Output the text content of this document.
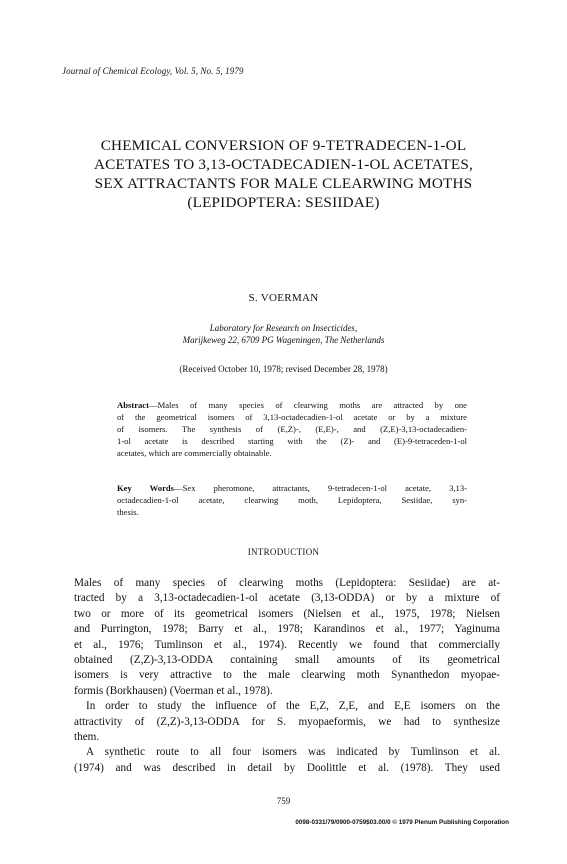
Journal of Chemical Ecology, Vol. 5, No. 5, 1979
CHEMICAL CONVERSION OF 9-TETRADECEN-1-OL
ACETATES TO 3,13-OCTADECADIEN-1-OL ACETATES,
SEX ATTRACTANTS FOR MALE CLEARWING MOTHS
(LEPIDOPTERA: SESIIDAE)
S. VOERMAN
Laboratory for Research on Insecticides,
Marijkeweg 22, 6709 PG Wageningen, The Netherlands
(Received October 10, 1978; revised December 28, 1978)
Abstract—Males of many species of clearwing moths are attracted by one
of the geometrical isomers of 3,13-octadecadien-1-ol acetate or by a mixture
of isomers. The synthesis of (E,Z)-, (E,E)-, and (Z,E)-3,13-octadecadien-
1-ol acetate is described starting with the (Z)- and (E)-9-tetraceden-1-ol
acetates, which are commercially obtainable.
Key Words—Sex pheromone, attractants, 9-tetradecen-1-ol acetate, 3,13-
octadecadien-1-ol acetate, clearwing moth, Lepidoptera, Sesiidae, syn-
thesis.
INTRODUCTION
Males of many species of clearwing moths (Lepidoptera: Sesiidae) are at-
tracted by a 3,13-octadecadien-1-ol acetate (3,13-ODDA) or by a mixture of
two or more of its geometrical isomers (Nielsen et al., 1975, 1978; Nielsen
and Purrington, 1978; Barry et al., 1978; Karandinos et al., 1977; Yaginuma
et al., 1976; Tumlinson et al., 1974). Recently we found that commercially
obtained (Z,Z)-3,13-ODDA containing small amounts of its geometrical
isomers is very attractive to the male clearwing moth Synanthedon myopae-
formis (Borkhausen) (Voerman et al., 1978).
In order to study the influence of the E,Z, Z,E, and E,E isomers on the
attractivity of (Z,Z)-3,13-ODDA for S. myopaeformis, we had to synthesize
them.
A synthetic route to all four isomers was indicated by Tumlinson et al.
(1974) and was described in detail by Doolittle et al. (1978). They used
759
0098-0331/79/0900-0759$03.00/0 © 1979 Plenum Publishing Corporation
